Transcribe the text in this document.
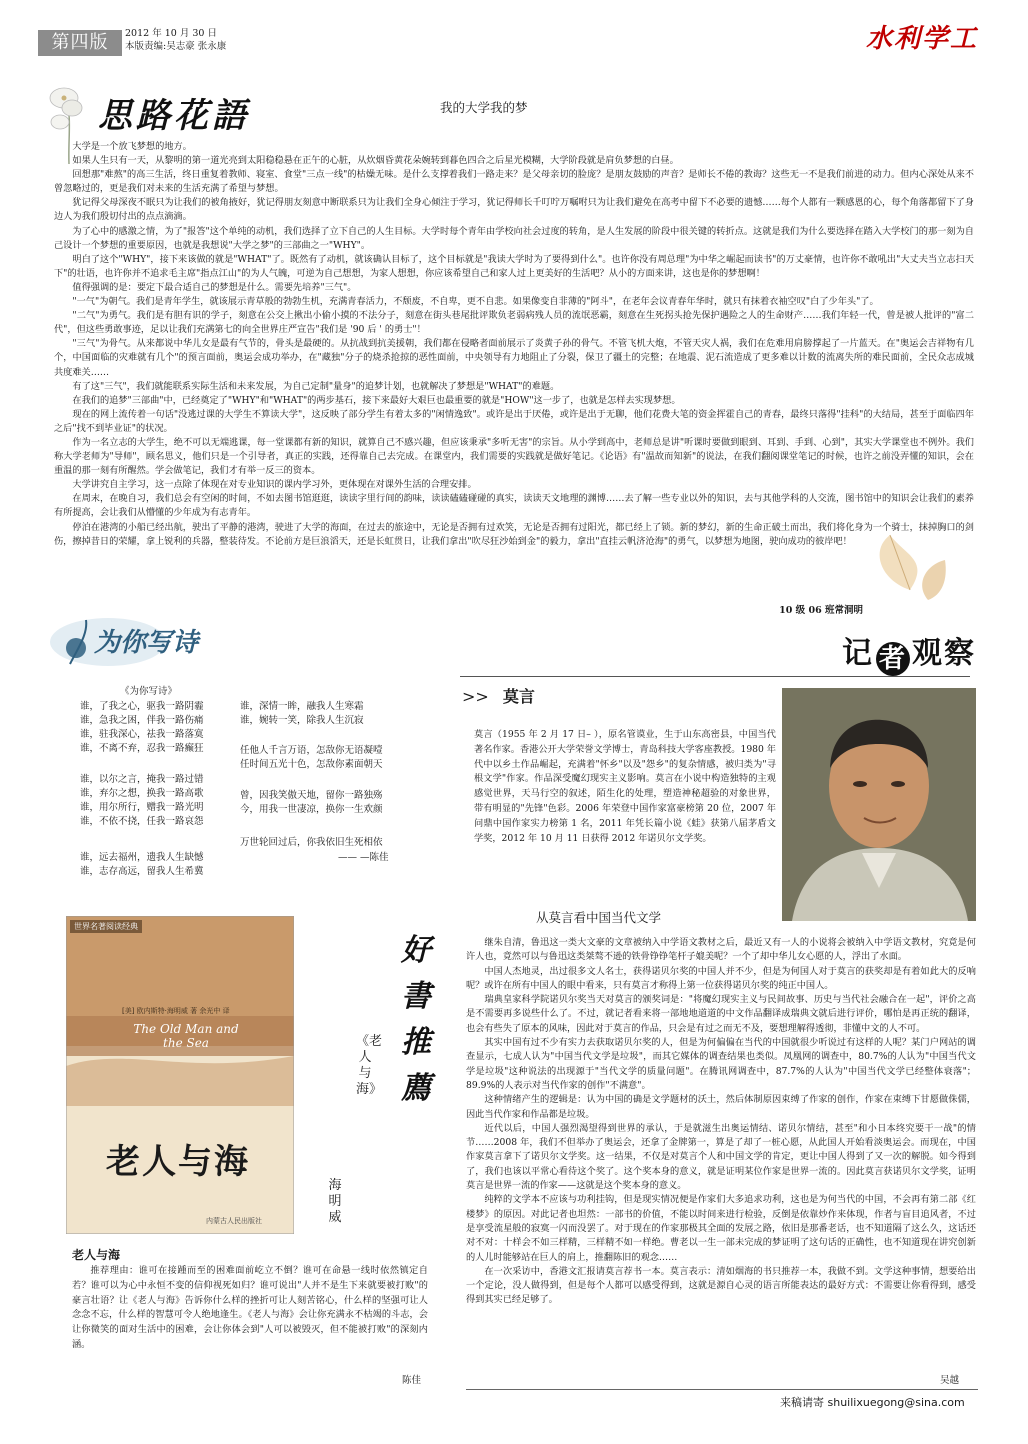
第四版	2012 年 10 月 30 日
本版责编:吴志豪 张永康	水利学工
思路花語	我的大学我的梦

大学是一个放飞梦想的地方。

如果人生只有一天，从黎明的第一道光亮到太阳稳稳悬在正午的心脏，从炊烟昏黄花朵婉转到暮色四合之后星光模糊，大学阶段就是肩负梦想的白昼。

回想那"难熬"的高三生活，终日重复着教师、寝室、食堂"三点一线"的枯燥无味。是什么支撑着我们一路走来？是父母亲切的脸庞？是朋友鼓励的声音？是师长不倦的教诲？这些无一不是我们前进的动力。但内心深处从来不曾忽略过的，更是我们对未来的生活充满了希望与梦想。

犹记得父母深夜不眠只为让我们的被角掖好，犹记得朋友刻意中断联系只为让我们全身心倾注于学习，犹记得师长千叮咛万嘱咐只为让我们避免在高考中留下不必要的遗憾……每个人都有一颗感恩的心，每个角落都留下了身边人为我们殷切付出的点点滴滴。

为了心中的感激之情，为了"报答"这个单纯的动机，我们选择了立下自己的人生目标。大学时每个青年由学校向社会过度的转角，是人生发展的阶段中很关键的转折点。这就是我们为什么要选择在踏入大学校门的那一刻为自己设计一个梦想的重要原因，也就是我想说"大学之梦"的三部曲之一"WHY"。

明白了这个"WHY"，接下来该做的就是"WHAT"了。既然有了动机，就该确认目标了，这个目标就是"我读大学时为了要得到什么"。也许你没有周总理"为中华之崛起而读书"的万丈豪情，也许你不敢吼出"大丈夫当立志扫天下"的壮语，也许你并不追求毛主席"指点江山"的为人气魄，可逆为自己想想，为家人想想，你应该希望自己和家人过上更美好的生活吧？从小的方面来讲，这也是你的梦想啊！

值得强调的是：要定下最合适自己的梦想是什么。需要先培养"三气"。

"一气"为朝气。我们是青年学生，就该展示青草般的勃勃生机，充满青春活力，不颓废，不自卑，更不自悲。如果像变自非薄的"阿斗"，在老年会议青春年华时，就只有抹着衣袖空叹"白了少年头"了。

"二气"为勇气。我们是有胆有识的学子，刻意在公交上揪出小偷小摸的不法分子，刻意在街头巷尾批评欺负老弱病残人员的流氓恶霸，刻意在生死拐头抢先保护遇险之人的生命财产……我们年轻一代，曾是被人批评的"富二代"，但这些勇敢事迹，足以让我们充满第七的向全世界庄严宣告"我们是 '90 后 ' 的勇士"！

"三气"为骨气。从来都说中华儿女是最有气节的，骨头是最硬的。从抗战到抗美援朝，我们都在侵略者面前展示了炎黄子孙的骨气。不管飞机大炮，不管天灾人祸，我们在危难用肩膀撑起了一片蓝天。在"奥运会吉祥物有几个，中国面临的灾难就有几个"的预言面前，奥运会成功举办，在"藏独"分子的烧杀抢掠的恶性面前，中央领导有力地阻止了分裂，保卫了疆土的完整；在地震、泥石流造成了更多难以计数的流离失所的难民面前，全民众志成城共度难关……

有了这"三气"，我们就能联系实际生活和未来发展，为自己定制"量身"的追梦计划，也就解决了梦想是"WHAT"的难题。

在我们的追梦"三部曲"中，已经奠定了"WHY"和"WHAT"的两步基石，接下来最好大艰巨也最重要的就是"HOW"这一步了，也就是怎样去实现梦想。

现在的网上流传着一句话"没逃过课的大学生不算读大学"，这反映了部分学生有着太多的"闲情逸致"。或许是出于厌倦，或许是出于无聊，他们花费大笔的资金挥霍自己的青春，最终只落得"挂科"的大结局，甚至于面临四年之后"找不到毕业证"的状况。

作为一名立志的大学生，绝不可以无端逃课，每一堂课都有新的知识，就算自己不感兴趣，但应该秉承"多听无害"的宗旨。从小学到高中，老师总是讲"听课时要做到眼到、耳到、手到、心到"，其实大学课堂也不例外。我们称大学老师为"导师"，顾名思义，他们只是一个引导者，真正的实践，还得靠自己去完成。在课堂内，我们需要的实践就是做好笔记。《论语》有"温故而知新"的说法，在我们翻阅课堂笔记的时候，也许之前没弄懂的知识，会在重温的那一刻有所醒然。学会做笔记，我们才有举一反三的资本。

大学讲究自主学习，这一点除了体现在对专业知识的课内学习外，更体现在对课外生活的合理安排。

在周末，在晚自习，我们总会有空闲的时间，不如去图书馆逛逛，读读字里行间的韵味，读读磕磕碰碰的真实，读读天文地理的渊博……去了解一些专业以外的知识，去与其他学科的人交流，图书馆中的知识会让我们的素养有所提高，会让我们从懵懂的少年成为有志青年。

停泊在港湾的小船已经出航，驶出了平静的港湾，驶进了大学的海面，在过去的旅途中，无论是否拥有过欢笑，无论是否拥有过阳光，都已经上了锁。新的梦幻，新的生命正破土而出，我们将化身为一个骑士，抹掉胸口的剑伤，擦掉昔日的荣耀，拿上锐利的兵器，整装待发。不论前方是巨浪滔天，还是长虹贯日，让我们拿出"吹尽狂沙始到金"的毅力，拿出"直挂云帆济沧海"的勇气，以梦想为地图，驶向成功的彼岸吧！

10 级 06 班常洞明
为你写诗
《为你写诗》
谁，了我之心，驱我一路阴霾
谁，急我之困，伴我一路伤痛
谁，驻我深心，祛我一路落寞
谁，不离不弃，忍我一路癫狂
谁，以尔之言，掩我一路过错
谁，弃尔之想，换我一路高歌
谁，用尔所行，赠我一路光明
谁，不依不挠，任我一路哀怨
谁，远去福州，遗我人生缺憾
谁，志存高远，留我人生希冀
谁，深情一眸，融我人生寒霜
谁，婉转一笑，除我人生沉寂
任他人千言万语，怎敌你无语凝噎
任时间五光十色，怎敌你素面朝天
曾，因我笑傲天地，留你一路独殇
今，用我一世凄凉，换你一生欢颜
万世轮回过后，你我依旧生死相依
—— —陈佳
记 者 观察
>> 莫言
莫言（1955 年 2 月 17 日– ），原名管谟业，生于山东高密县，中国当代著名作家。香港公开大学荣誉文学博士，青岛科技大学客座教授。1980 年代中以乡土作品崛起，充满着"怀乡"以及"怨乡"的复杂情感，被归类为"寻根文学"作家。作品深受魔幻现实主义影响。莫言在小说中构造独特的主观感觉世界，天马行空的叙述，陌生化的处理，塑造神秘超验的对象世界，带有明显的"先锋"色彩。2006 年荣登中国作家富豪榜第 20 位，2007 年问鼎中国作家实力榜第 1 名，2011 年凭长篇小说《蛙》获第八届茅盾文学奖，2012 年 10 月 11 日获得 2012 年诺贝尔文学奖。
世界名著阅读经典
[美] 欧内斯特·海明威 著 余光中 译
The Old Man and the Sea
老人与海
内蒙古人民出版社
好書推薦
《老人与海》
海明威
老人与海
推荐理由：谁可在接踵而至的困难面前屹立不倒？谁可在命悬一线时依然镇定自若？谁可以为心中永恒不变的信仰视死如归？谁可说出"人并不是生下来就要被打败"的豪言壮语？让《老人与海》告诉你什么样的挫折可让人刻苦铭心，什么样的坚强可让人念念不忘，什么样的智慧可令人绝地逢生。《老人与海》会让你充满永不枯竭的斗志，会让你微笑的面对生活中的困难，会让你体会到"人可以被毁灭，但不能被打败"的深刻内涵。
陈佳
从莫言看中国当代文学

继朱自清，鲁迅这一类大文豪的文章被纳入中学语文教材之后，最近又有一人的小说将会被纳入中学语文教材，究竟是何许人也，竟然可以与鲁迅这类桀骜不逊的铁骨铮铮笔杆子媲美呢？一个了却中华儿女心愿的人，浮出了水面。

中国人杰地灵，出过很多文人名士，获得诺贝尔奖的中国人并不少，但是为何国人对于莫言的获奖却是有着如此大的反响呢？或许在所有中国人的眼中看来，只有莫言才称得上第一位获得诺贝尔奖的纯正中国人。

瑞典皇家科学院诺贝尔奖当天对莫言的颁奖词是："将魔幻现实主义与民间故事、历史与当代社会融合在一起"，评价之高是不需要再多说些什么了。不过，就记者看来将一部地地道道的中文作品翻译成瑞典文就后进行评价，哪怕是再正统的翻译，也会有些失了原本的风味，因此对于莫言的作品，只会是有过之而无不及，要想理解得透彻，非懂中文的人不可。

其实中国有过不少有实力去获取诺贝尔奖的人，但是为何偏偏在当代的中国就很少听说过有这样的人呢？某门户网站的调查显示，七成人认为"中国当代文学是垃圾"，而其它媒体的调查结果也类似。凤凰网的调查中，80.7%的人认为"中国当代文学是垃圾"这种说法的出现源于"当代文学的质量问题"。在腾讯网调查中，87.7%的人认为"中国当代文学已经整体衰落"；89.9%的人表示对当代作家的创作"不满意"。

这种情绪产生的逻辑是：认为中国的确是文学题材的沃土，然后体制原因束缚了作家的创作，作家在束缚下甘愿做侏儒，因此当代作家和作品都是垃圾。

近代以后，中国人强烈渴望得到世界的承认，于是就滋生出奥运情结、诺贝尔情结，甚至"和小日本终究要干一战"的情节……2008 年，我们不但举办了奥运会，还拿了金牌第一，算是了却了一桩心愿，从此国人开始看淡奥运会。而现在，中国作家莫言拿下了诺贝尔文学奖。这一结果，不仅是对莫言个人和中国文学的肯定，更让中国人得到了又一次的解脱。如今得到了，我们也该以平常心看待这个奖了。这个奖本身的意义，就是证明某位作家是世界一流的。因此莫言获诺贝尔文学奖，证明莫言是世界一流的作家——这就是这个奖本身的意义。

纯粹的文学本不应该与功利挂钩，但是现实情况便是作家们大多追求功利，这也是为何当代的中国，不会再有第二部《红楼梦》的原因。对此记者也坦然：一部书的价值，不能以时间来进行检验，反倒是依靠炒作来体现，作者与盲目追风者，不过是享受流星般的寂寞一闪而没罢了。对于现在的作家那极其全面的发展之路，依旧是那番老话，也不知道隔了这么久，这话还对不对：十样会不如三样精，三样精不如一样绝。曹老以一生一部未完成的梦证明了这句话的正确性，也不知道现在讲究创新的人儿时能够站在巨人的肩上，推翻陈旧的观念……

在一次采访中，香港文汇报请莫言荐书一本。莫言表示：清如烟海的书只推荐一本，我做不到。文学这种事情，想要给出一个定论，没人做得到，但是每个人都可以感受得到，这就是源自心灵的语言所能表达的最好方式：不需要让你看得到，感受得到其实已经足够了。

吴越
来稿请寄 shuilixuegong@sina.com
